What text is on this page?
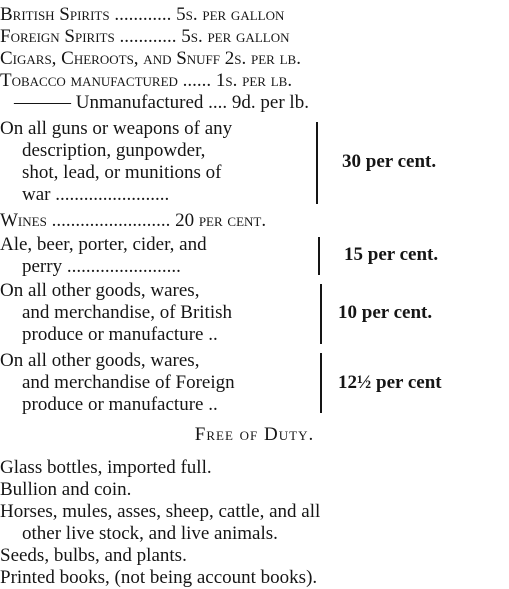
British Spirits ............ 5s. per gallon
Foreign Spirits ............ 5s. per gallon
Cigars, Cheroots, and Snuff 2s. per lb.
Tobacco manufactured ...... 1s. per lb.
——— Unmanufactured .... 9d. per lb.
On all guns or weapons of any
description, gunpowder,
shot, lead, or munitions of
war ........................
30 per cent.
Wines ......................... 20 per cent.
Ale, beer, porter, cider, and
perry ........................
15 per cent.
On all other goods, wares,
and merchandise, of British
produce or manufacture ..
10 per cent.
On all other goods, wares,
and merchandise of Foreign
produce or manufacture ..
12½ per cent
Free of Duty.
Glass bottles, imported full.
Bullion and coin.
Horses, mules, asses, sheep, cattle, and all
other live stock, and live animals.
Seeds, bulbs, and plants.
Printed books, (not being account books).
